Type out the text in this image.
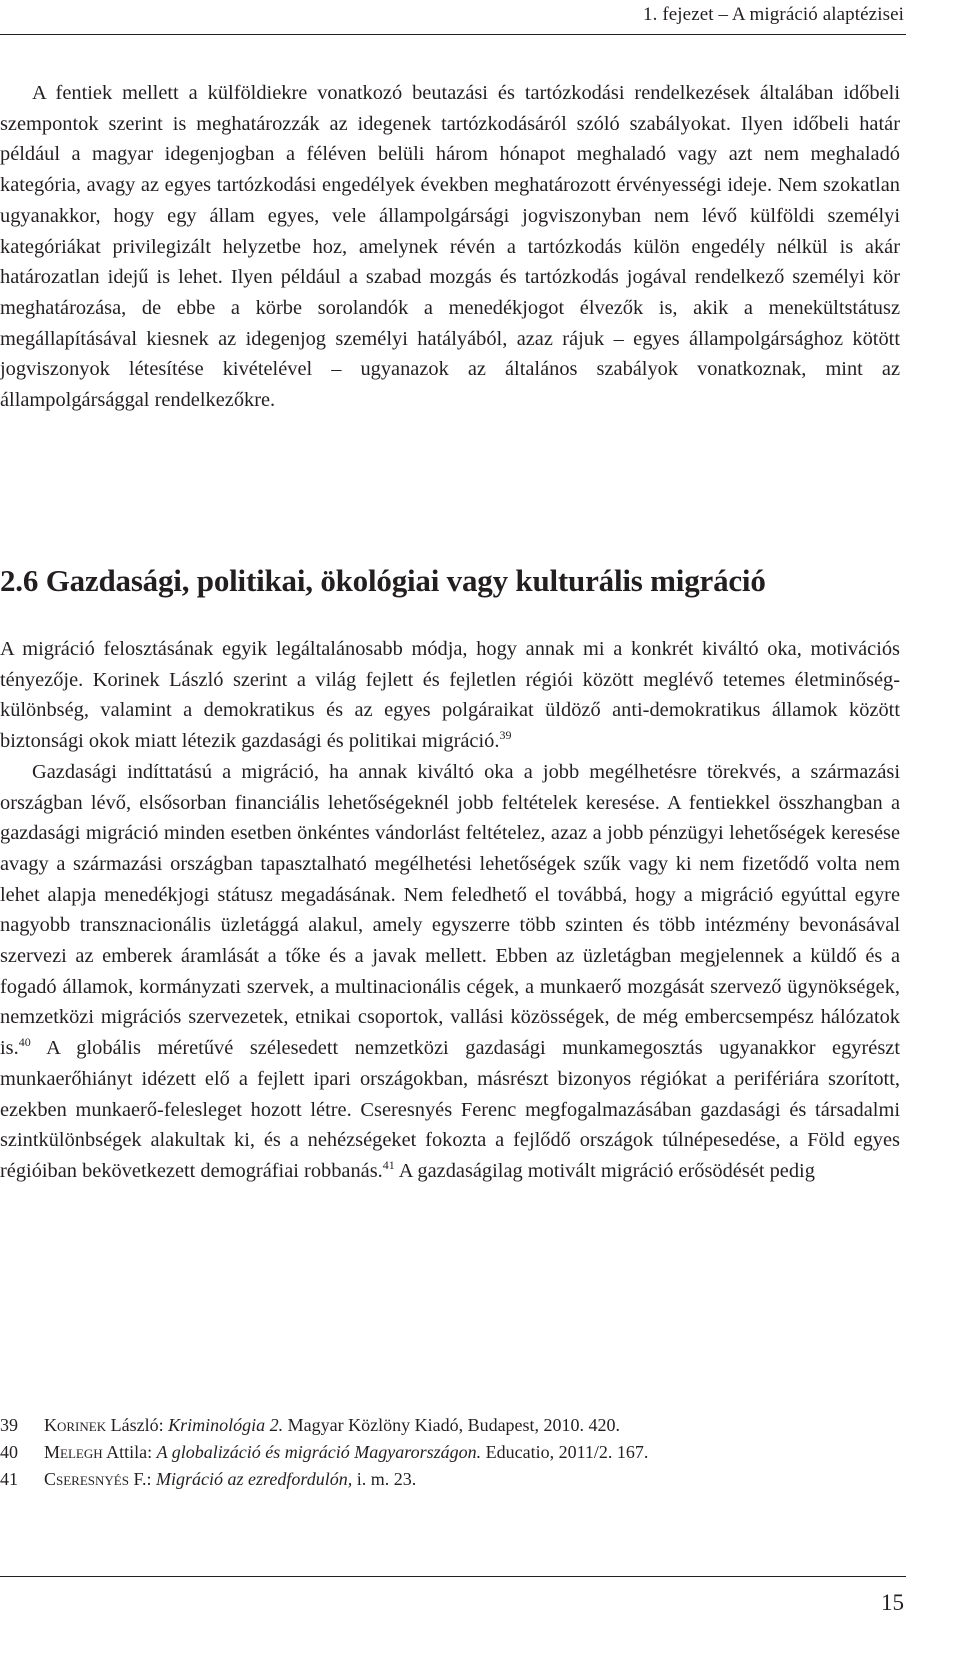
1. fejezet – A migráció alaptézisei

A fentiek mellett a külföldiekre vonatkozó beutazási és tartózkodási rendelkezések általában időbeli szempontok szerint is meghatározzák az idegenek tartózkodásáról szóló szabályokat. Ilyen időbeli határ például a magyar idegenjogban a féléven belüli három hónapot meghaladó vagy azt nem meghaladó kategória, avagy az egyes tartózkodási engedélyek években meghatározott érvényességi ideje. Nem szokatlan ugyanakkor, hogy egy állam egyes, vele állampolgársági jogviszonyban nem lévő külföldi személyi kategóriákat privilegizált helyzetbe hoz, amelynek révén a tartózkodás külön engedély nélkül is akár határozatlan idejű is lehet. Ilyen például a szabad mozgás és tartózkodás jogával rendelkező személyi kör meghatározása, de ebbe a körbe sorolandók a menedékjogot élvezők is, akik a menekültstátusz megállapításával kiesnek az idegenjog személyi hatályából, azaz rájuk – egyes állampolgársághoz kötött jogviszonyok létesítése kivételével – ugyanazok az általános szabályok vonatkoznak, mint az állampolgársággal rendelkezőkre.

2.6 Gazdasági, politikai, ökológiai vagy kulturális migráció

A migráció felosztásának egyik legáltalánosabb módja, hogy annak mi a konkrét kiváltó oka, motivációs tényezője. Korinek László szerint a világ fejlett és fejletlen régiói között meglévő tetemes életminőség-különbség, valamint a demokratikus és az egyes polgáraikat üldöző anti-demokratikus államok között biztonsági okok miatt létezik gazdasági és politikai migráció.$^{39}$

Gazdasági indíttatású a migráció, ha annak kiváltó oka a jobb megélhetésre törekvés, a származási országban lévő, elsősorban financiális lehetőségeknél jobb feltételek keresése. A fentiekkel összhangban a gazdasági migráció minden esetben önkéntes vándorlást feltételez, azaz a jobb pénzügyi lehetőségek keresése avagy a származási országban tapasztalható megélhetési lehetőségek szűk vagy ki nem fizetődő volta nem lehet alapja menedékjogi státusz megadásának. Nem feledhető el továbbá, hogy a migráció egyúttal egyre nagyobb transznacionális üzletággá alakul, amely egyszerre több szinten és több intézmény bevonásával szervezi az emberek áramlását a tőke és a javak mellett. Ebben az üzletágban megjelennek a küldő és a fogadó államok, kormányzati szervek, a multinacionális cégek, a munkaerő mozgását szervező ügynökségek, nemzetközi migrációs szervezetek, etnikai csoportok, vallási közösségek, de még embercsempész hálózatok is.$^{40}$ A globális méretűvé szélesedett nemzetközi gazdasági munkamegosztás ugyanakkor egyrészt munkaerőhiányt idézett elő a fejlett ipari országokban, másrészt bizonyos régiókat a perifériára szorított, ezekben munkaerő-felesleget hozott létre. Cseresnyés Ferenc megfogalmazásában gazdasági és társadalmi szintkülönbségek alakultak ki, és a nehézségeket fokozta a fejlődő országok túlnépesedése, a Föld egyes régióiban bekövetkezett demográfiai robbanás.$^{41}$ A gazdaságilag motivált migráció erősödését pedig

39	Korinek László: Kriminológia 2. Magyar Közlöny Kiadó, Budapest, 2010. 420.
40	Melegh Attila: A globalizáció és migráció Magyarországon. Educatio, 2011/2. 167.
41	Cseresnyés F.: Migráció az ezredfordulón, i. m. 23.
15
